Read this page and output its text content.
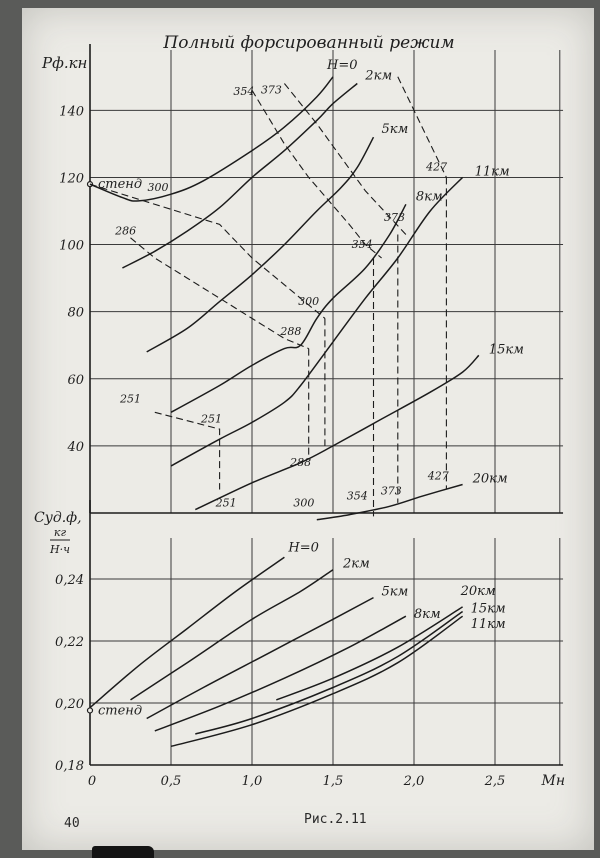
Полный форсированный режим
40
60
80
100
120
140
Pф.кн
стенд
H=0
2км
5км
8км
11км
15км
20км
354 373
300
286
300
288
354
373
427
251
251
288
251	300
354 373
427
0,18
0,20
0,22
0,24
0	0,5	1,0	1,5	2,0	2,5	Mн
Cуд.ф,
кг
Н·ч
стенд
H=0
2км
5км
8км
20км
15км
11км
40	Рис.2.11
